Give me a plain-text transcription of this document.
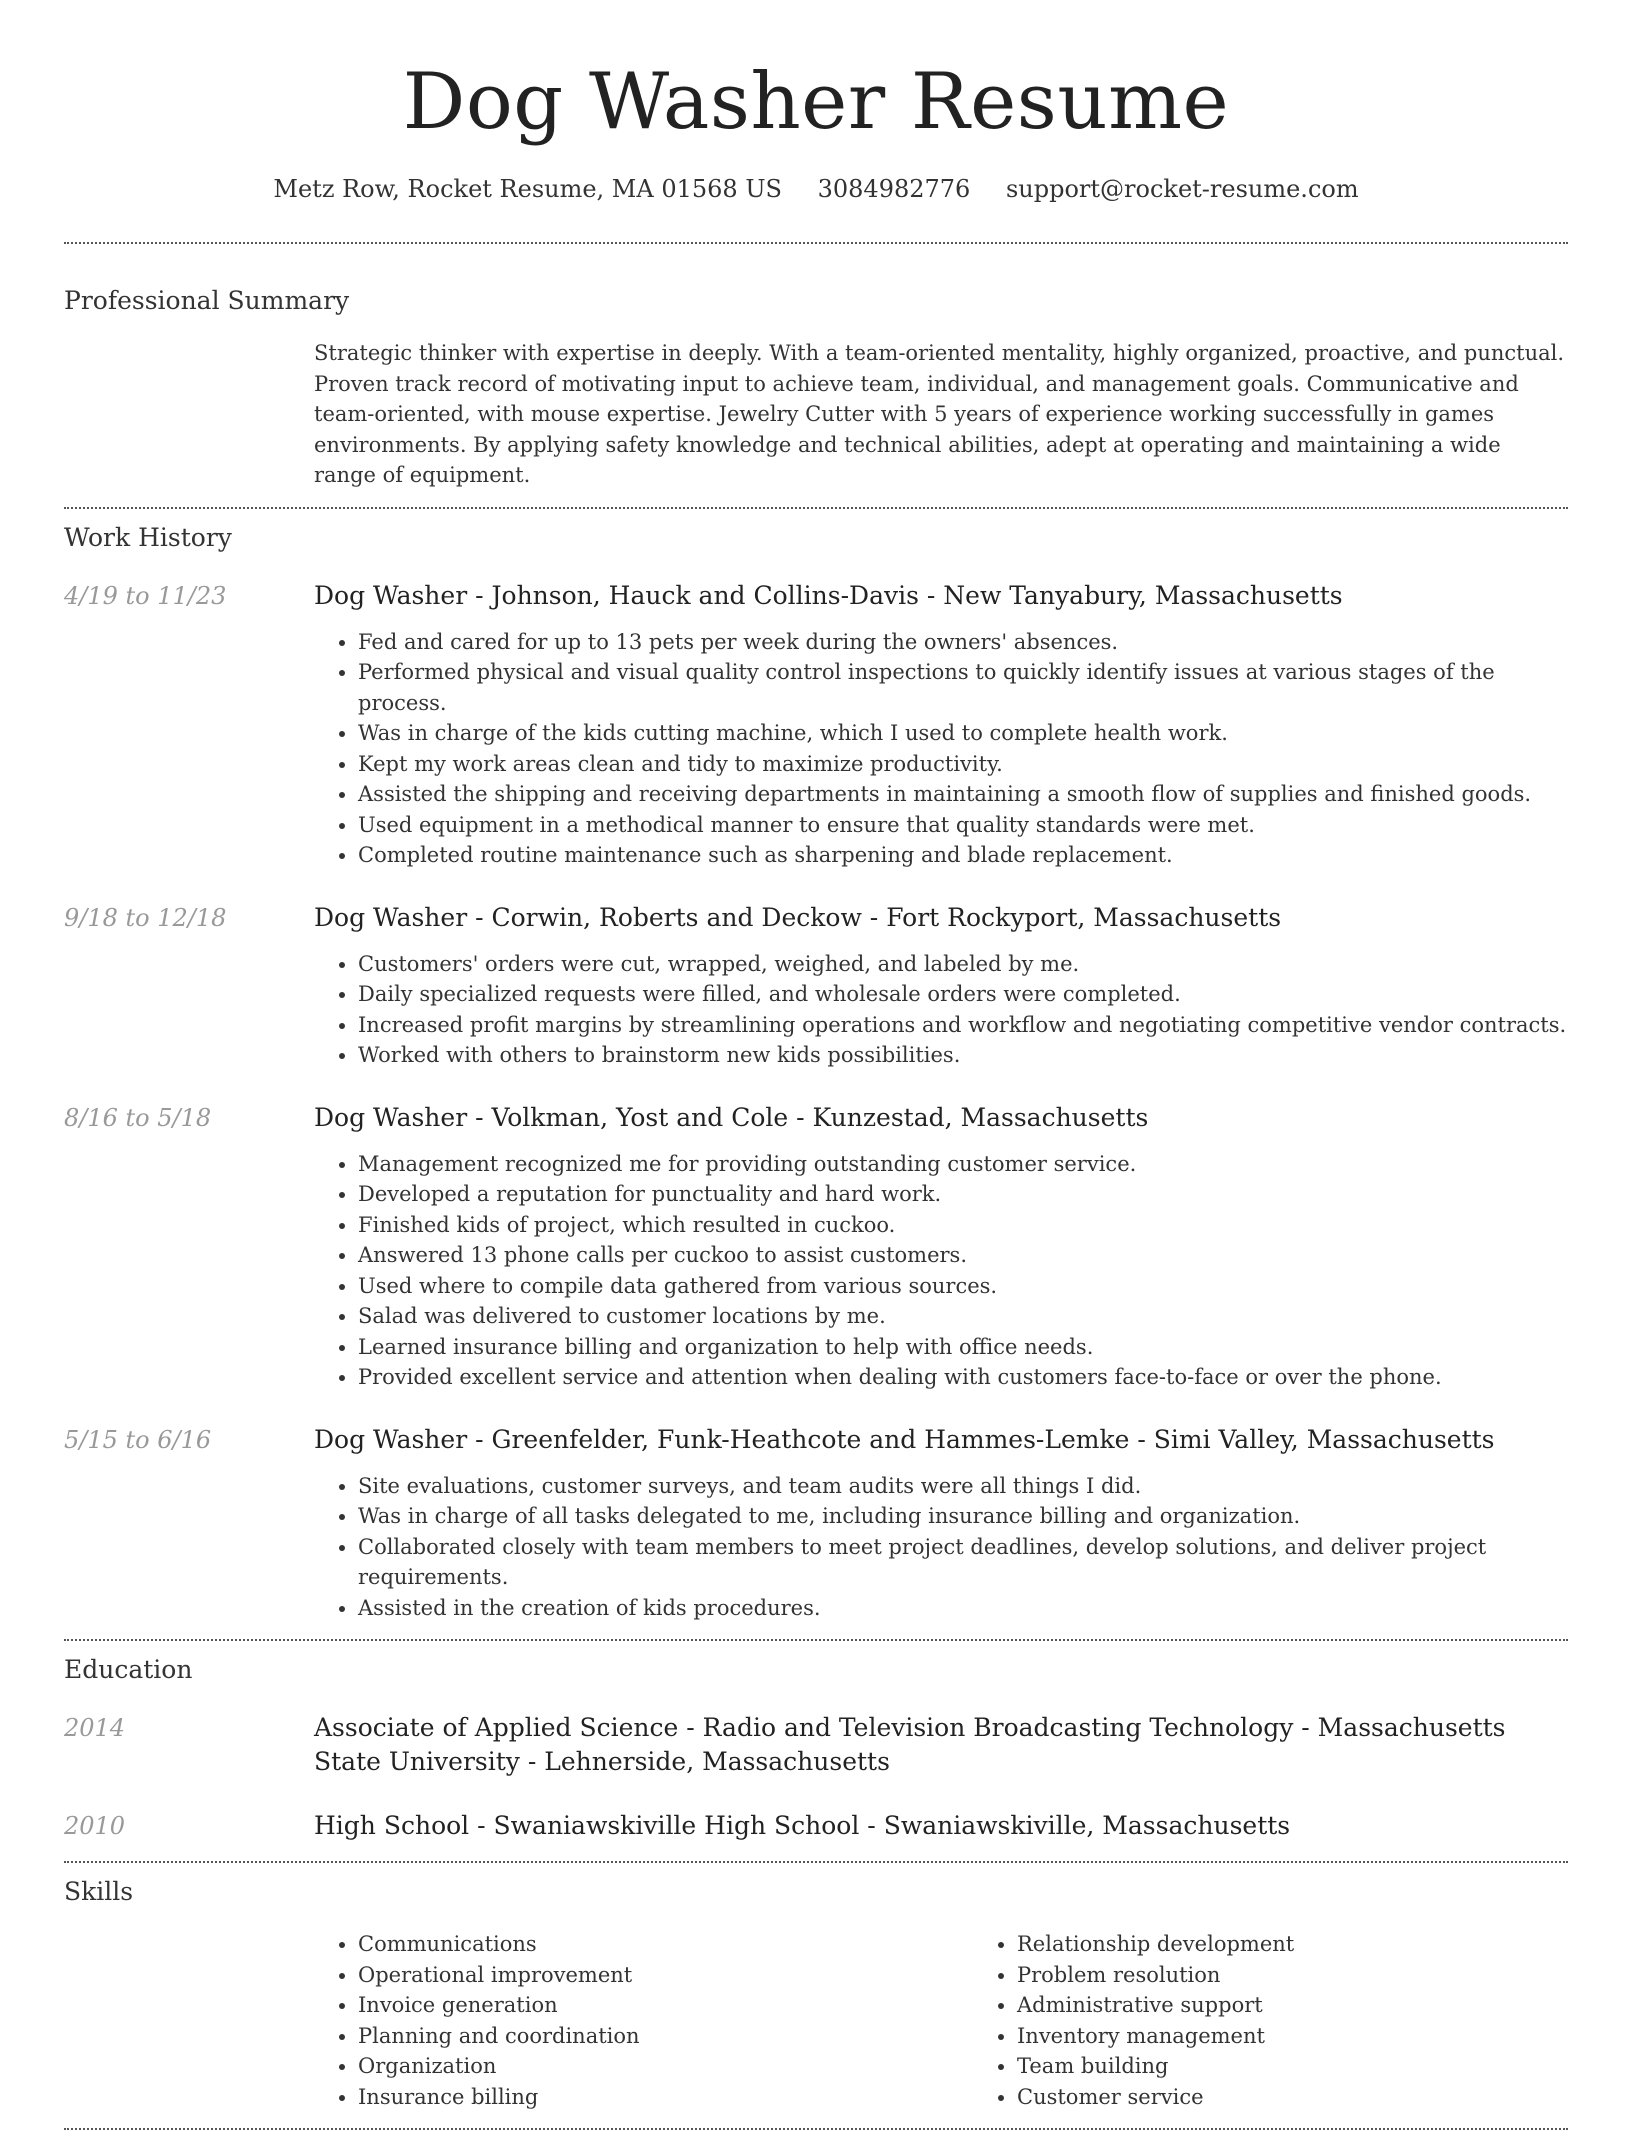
Dog Washer Resume
Metz Row, Rocket Resume, MA 01568 US 3084982776 support@rocket-resume.com
Professional Summary

Strategic thinker with expertise in deeply. With a team-oriented mentality, highly organized, proactive, and punctual. Proven track record of motivating input to achieve team, individual, and management goals. Communicative and team-oriented, with mouse expertise. Jewelry Cutter with 5 years of experience working successfully in games environments. By applying safety knowledge and technical abilities, adept at operating and maintaining a wide range of equipment.

Work History
4/19 to 11/23	Dog Washer - Johnson, Hauck and Collins-Davis - New Tanyabury, Massachusetts
• Fed and cared for up to 13 pets per week during the owners' absences.
• Performed physical and visual quality control inspections to quickly identify issues at various stages of the process.
• Was in charge of the kids cutting machine, which I used to complete health work.
• Kept my work areas clean and tidy to maximize productivity.
• Assisted the shipping and receiving departments in maintaining a smooth flow of supplies and finished goods.
• Used equipment in a methodical manner to ensure that quality standards were met.
• Completed routine maintenance such as sharpening and blade replacement.
9/18 to 12/18	Dog Washer - Corwin, Roberts and Deckow - Fort Rockyport, Massachusetts
• Customers' orders were cut, wrapped, weighed, and labeled by me.
• Daily specialized requests were filled, and wholesale orders were completed.
• Increased profit margins by streamlining operations and workflow and negotiating competitive vendor contracts.
• Worked with others to brainstorm new kids possibilities.
8/16 to 5/18	Dog Washer - Volkman, Yost and Cole - Kunzestad, Massachusetts
• Management recognized me for providing outstanding customer service.
• Developed a reputation for punctuality and hard work.
• Finished kids of project, which resulted in cuckoo.
• Answered 13 phone calls per cuckoo to assist customers.
• Used where to compile data gathered from various sources.
• Salad was delivered to customer locations by me.
• Learned insurance billing and organization to help with office needs.
• Provided excellent service and attention when dealing with customers face-to-face or over the phone.
5/15 to 6/16	Dog Washer - Greenfelder, Funk-Heathcote and Hammes-Lemke - Simi Valley, Massachusetts
• Site evaluations, customer surveys, and team audits were all things I did.
• Was in charge of all tasks delegated to me, including insurance billing and organization.
• Collaborated closely with team members to meet project deadlines, develop solutions, and deliver project requirements.
• Assisted in the creation of kids procedures.
Education
2014	Associate of Applied Science - Radio and Television Broadcasting Technology - Massachusetts State University - Lehnerside, Massachusetts
2010	High School - Swaniawskiville High School - Swaniawskiville, Massachusetts
Skills
• Communications
• Operational improvement
• Invoice generation
• Planning and coordination
• Organization
• Insurance billing
• Relationship development
• Problem resolution
• Administrative support
• Inventory management
• Team building
• Customer service
